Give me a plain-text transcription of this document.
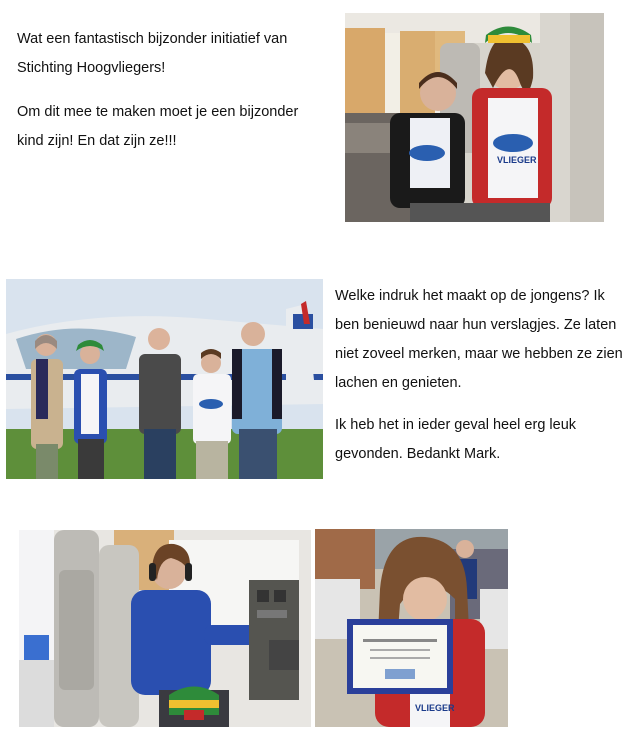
Wat een fantastisch bijzonder initiatief van
Stichting Hoogvliegers!

Om dit mee te maken moet je een bijzonder
kind zijn! En dat zijn ze!!!

VLIEGER

Welke indruk het maakt op de jongens? Ik
ben benieuwd naar hun verslagjes. Ze laten
niet zoveel merken, maar we hebben ze zien
lachen en genieten.

Ik heb het in ieder geval heel erg leuk
gevonden. Bedankt Mark.

VLIEGER
